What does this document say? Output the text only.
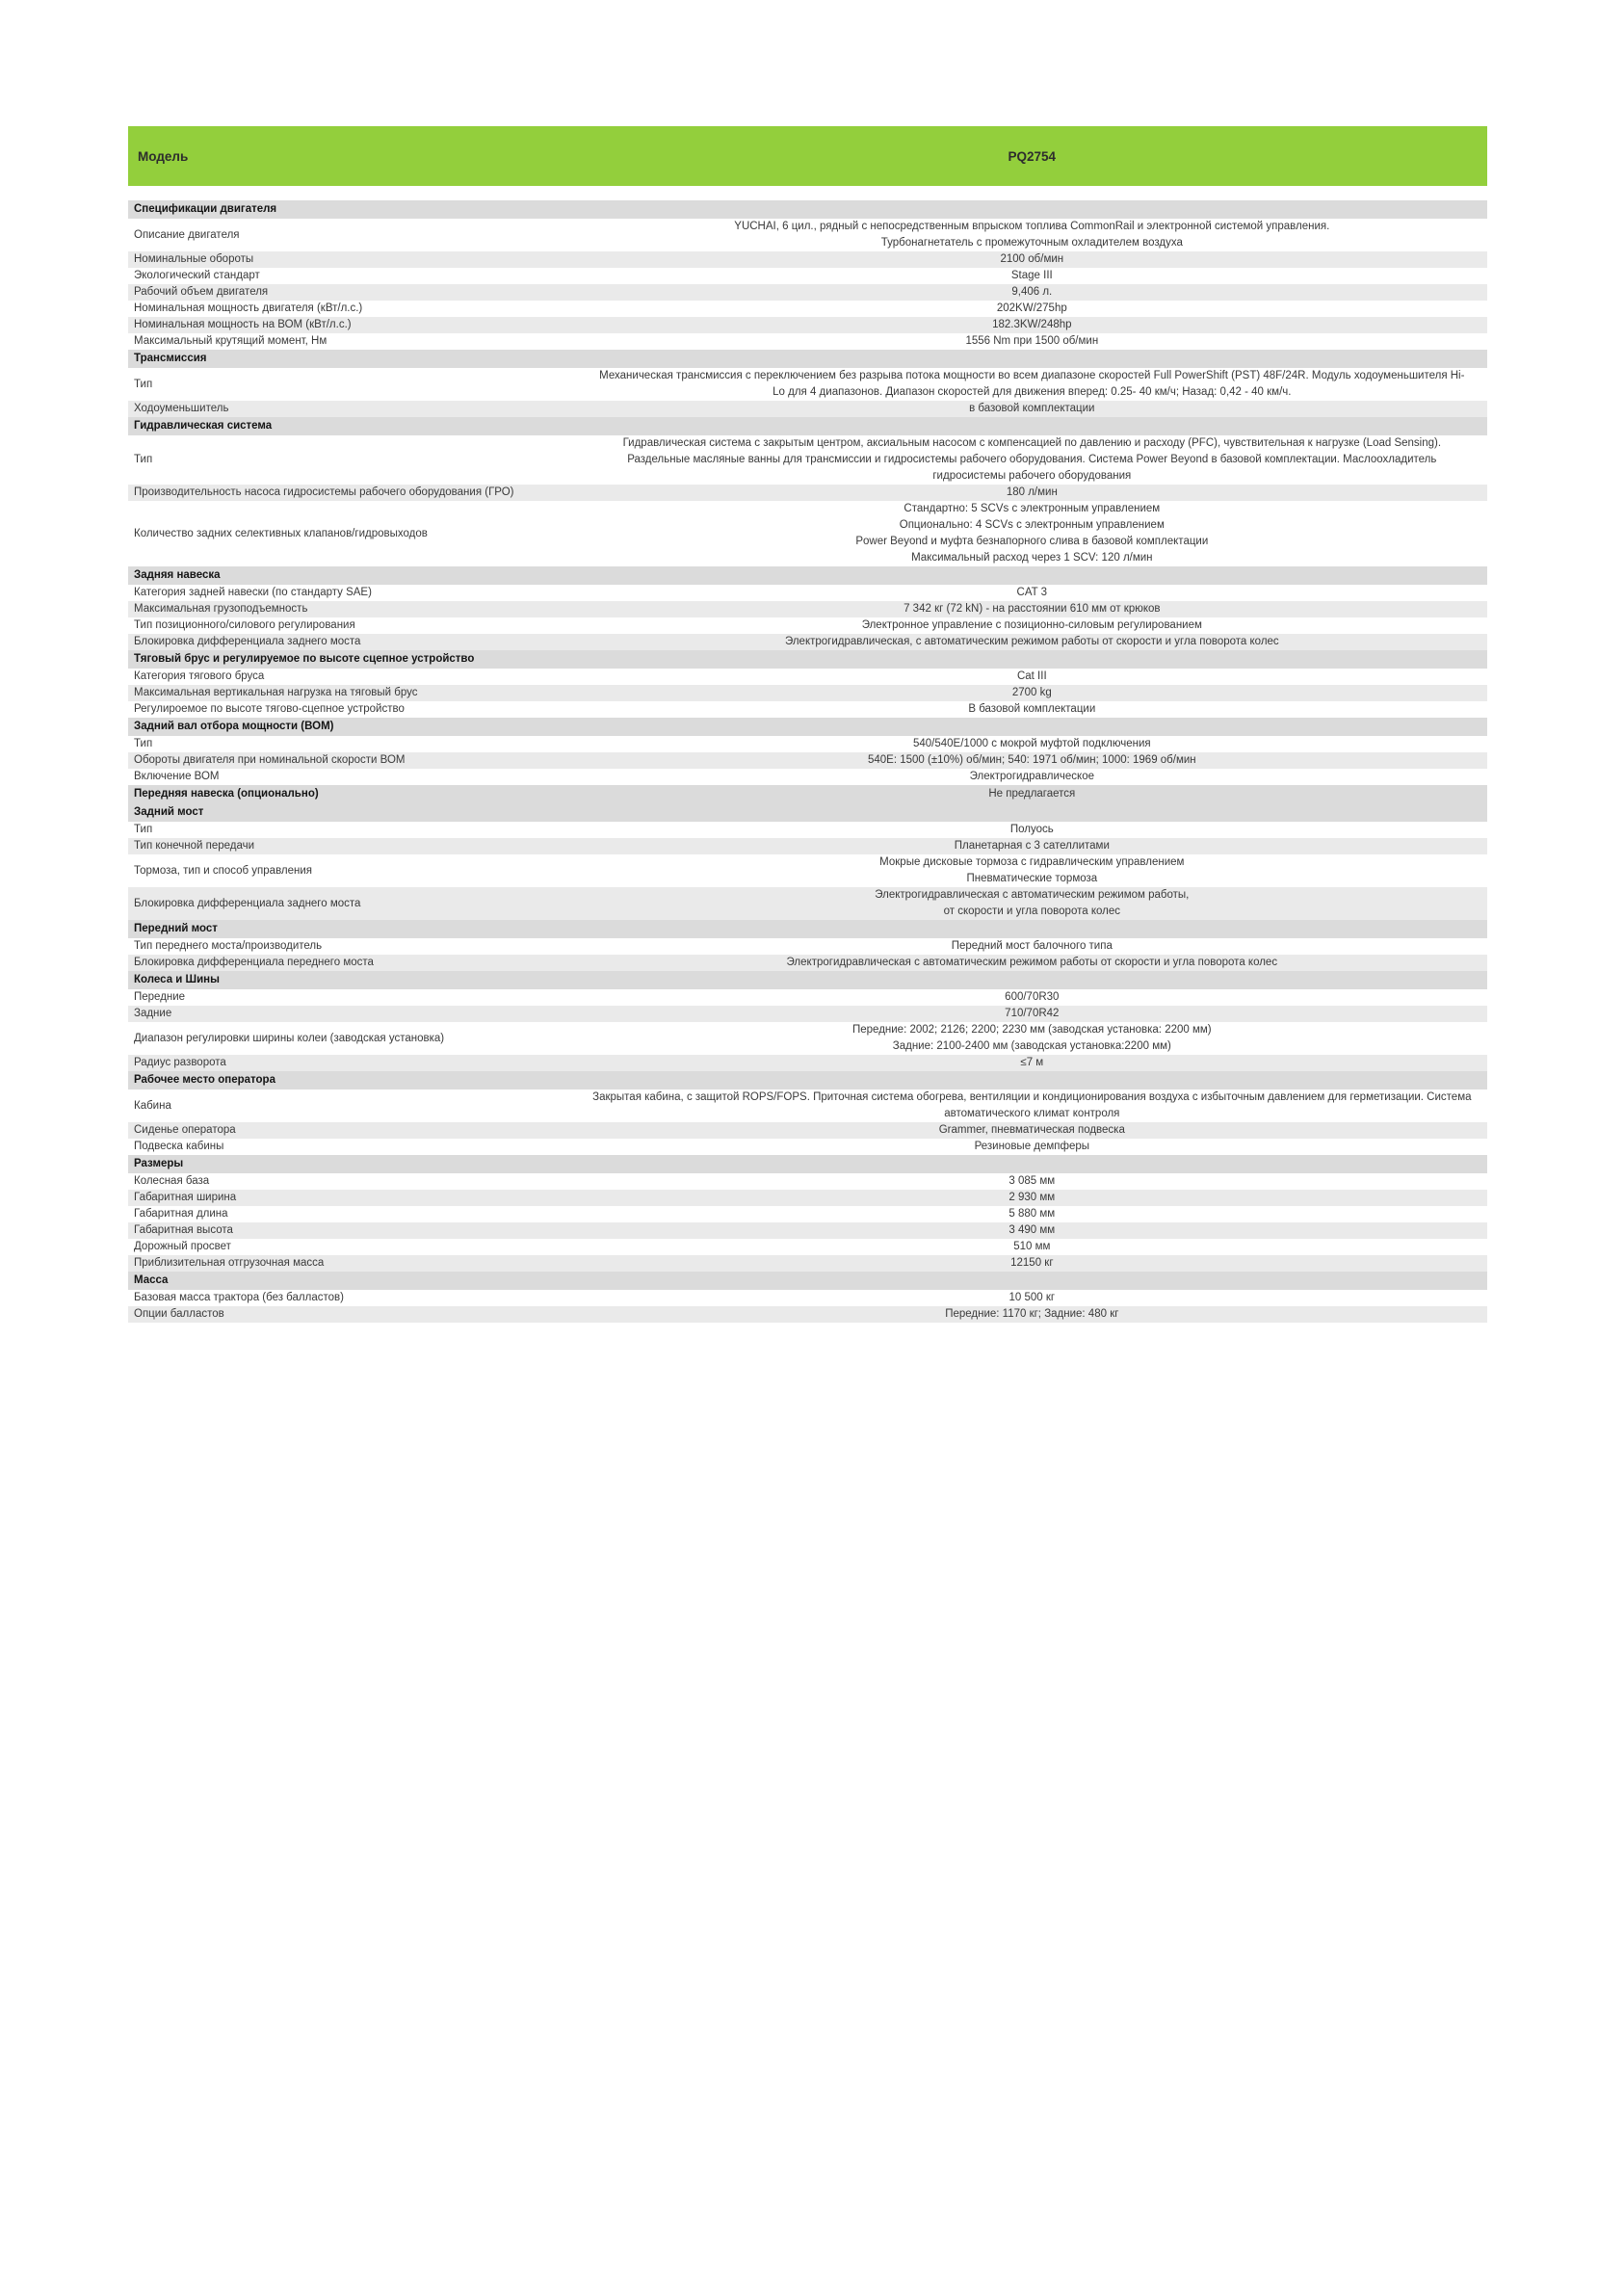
Модель	PQ2754

Спецификации двигателя	
Описание двигателя	YUCHAI, 6 цил., рядный с непосредственным впрыском топлива CommonRail и электронной системой управления.
Турбонагнетатель с промежуточным охладителем воздуха

Номинальные обороты	2100 об/мин

Экологический стандарт	Stage III

Рабочий объем двигателя	9,406 л.

Номинальная мощность двигателя (кВт/л.с.)	202KW/275hp

Номинальная мощность на ВОМ (кВт/л.с.)	182.3KW/248hp

Максимальный крутящий момент, Нм	1556 Nm при 1500 об/мин

Трансмиссия	
Тип	Механическая трансмиссия с переключением без разрыва потока мощности во всем диапазоне скоростей Full PowerShift (PST) 48F/24R. Модуль ходоуменьшителя Hi-
Lo для 4 диапазонов. Диапазон скоростей для движения вперед: 0.25- 40 км/ч; Назад: 0,42 - 40 км/ч.

Ходоуменьшитель	в базовой комплектации

Гидравлическая система	
Тип	Гидравлическая система с закрытым центром, аксиальным насосом с компенсацией по давлению и расходу (PFC), чувствительная к нагрузке (Load Sensing).
Раздельные масляные ванны для трансмиссии и гидросистемы рабочего оборудования. Система Power Beyond в базовой комплектации. Маслоохладитель
гидросистемы рабочего оборудования

Производительность насоса гидросистемы рабочего оборудования (ГРО)	180 л/мин

Количество задних селективных клапанов/гидровыходов	Стандартно: 5 SCVs с электронным управлением
Опционально: 4 SCVs с электронным управлением
Power Beyond и муфта безнапорного слива в базовой комплектации
Максимальный расход через 1 SCV: 120 л/мин

Задняя навеска	
Категория задней навески (по стандарту SAE)	CAT 3

Максимальная грузоподъемность	7 342 кг (72 kN) - на расстоянии 610 мм от крюков

Тип позиционного/силового регулирования	Электронное управление с позиционно-силовым регулированием

Блокировка дифференциала заднего моста	Электрогидравлическая, с автоматическим режимом работы от скорости и угла поворота колес

Тяговый брус и регулируемое по высоте сцепное устройство	
Категория тягового бруса	Cat III

Максимальная вертикальная нагрузка на тяговый брус	2700 kg

Регулироемое по высоте тягово-сцепное устройство	В базовой комплектации

Задний вал отбора мощности (ВОМ)	
Тип	540/540E/1000 с мокрой муфтой подключения

Обороты двигателя при номинальной скорости ВОМ	540E: 1500 (±10%) об/мин; 540: 1971 об/мин; 1000: 1969 об/мин

Включение ВОМ	Электрогидравлическое

Передняя навеска (опционально)	Не предлагается
Задний мост	
Тип	Полуось

Тип конечной передачи	Планетарная с 3 сателлитами

Тормоза, тип и способ управления	Мокрые дисковые тормоза с гидравлическим управлением
Пневматические тормоза

Блокировка дифференциала заднего моста	Электрогидравлическая с автоматическим режимом работы,
от скорости и угла поворота колес

Передний мост	
Тип переднего моста/производитель	Передний мост балочного типа

Блокировка дифференциала переднего моста	Электрогидравлическая с автоматическим режимом работы от скорости и угла поворота колес

Колеса и Шины	
Передние	600/70R30

Задние	710/70R42

Диапазон регулировки ширины колеи (заводская установка)	Передние: 2002; 2126; 2200; 2230 мм (заводская установка: 2200 мм)
Задние: 2100-2400 мм (заводская установка:2200 мм)

Радиус разворота	≤7 м

Рабочее место оператора	
Кабина	Закрытая кабина, с защитой ROPS/FOPS. Приточная система обогрева, вентиляции и кондиционирования воздуха с избыточным давлением для герметизации. Система
автоматического климат контроля

Сиденье оператора	Grammer, пневматическая подвеска

Подвеска кабины	Резиновые демпферы

Размеры	
Колесная база	3 085 мм

Габаритная ширина	2 930 мм

Габаритная длина	5 880 мм

Габаритная высота	3 490 мм

Дорожный просвет	510 мм

Приблизительная отгрузочная масса	12150 кг

Масса	
Базовая масса трактора (без балластов)	10 500 кг

Опции балластов	Передние: 1170 кг; Задние: 480 кг
